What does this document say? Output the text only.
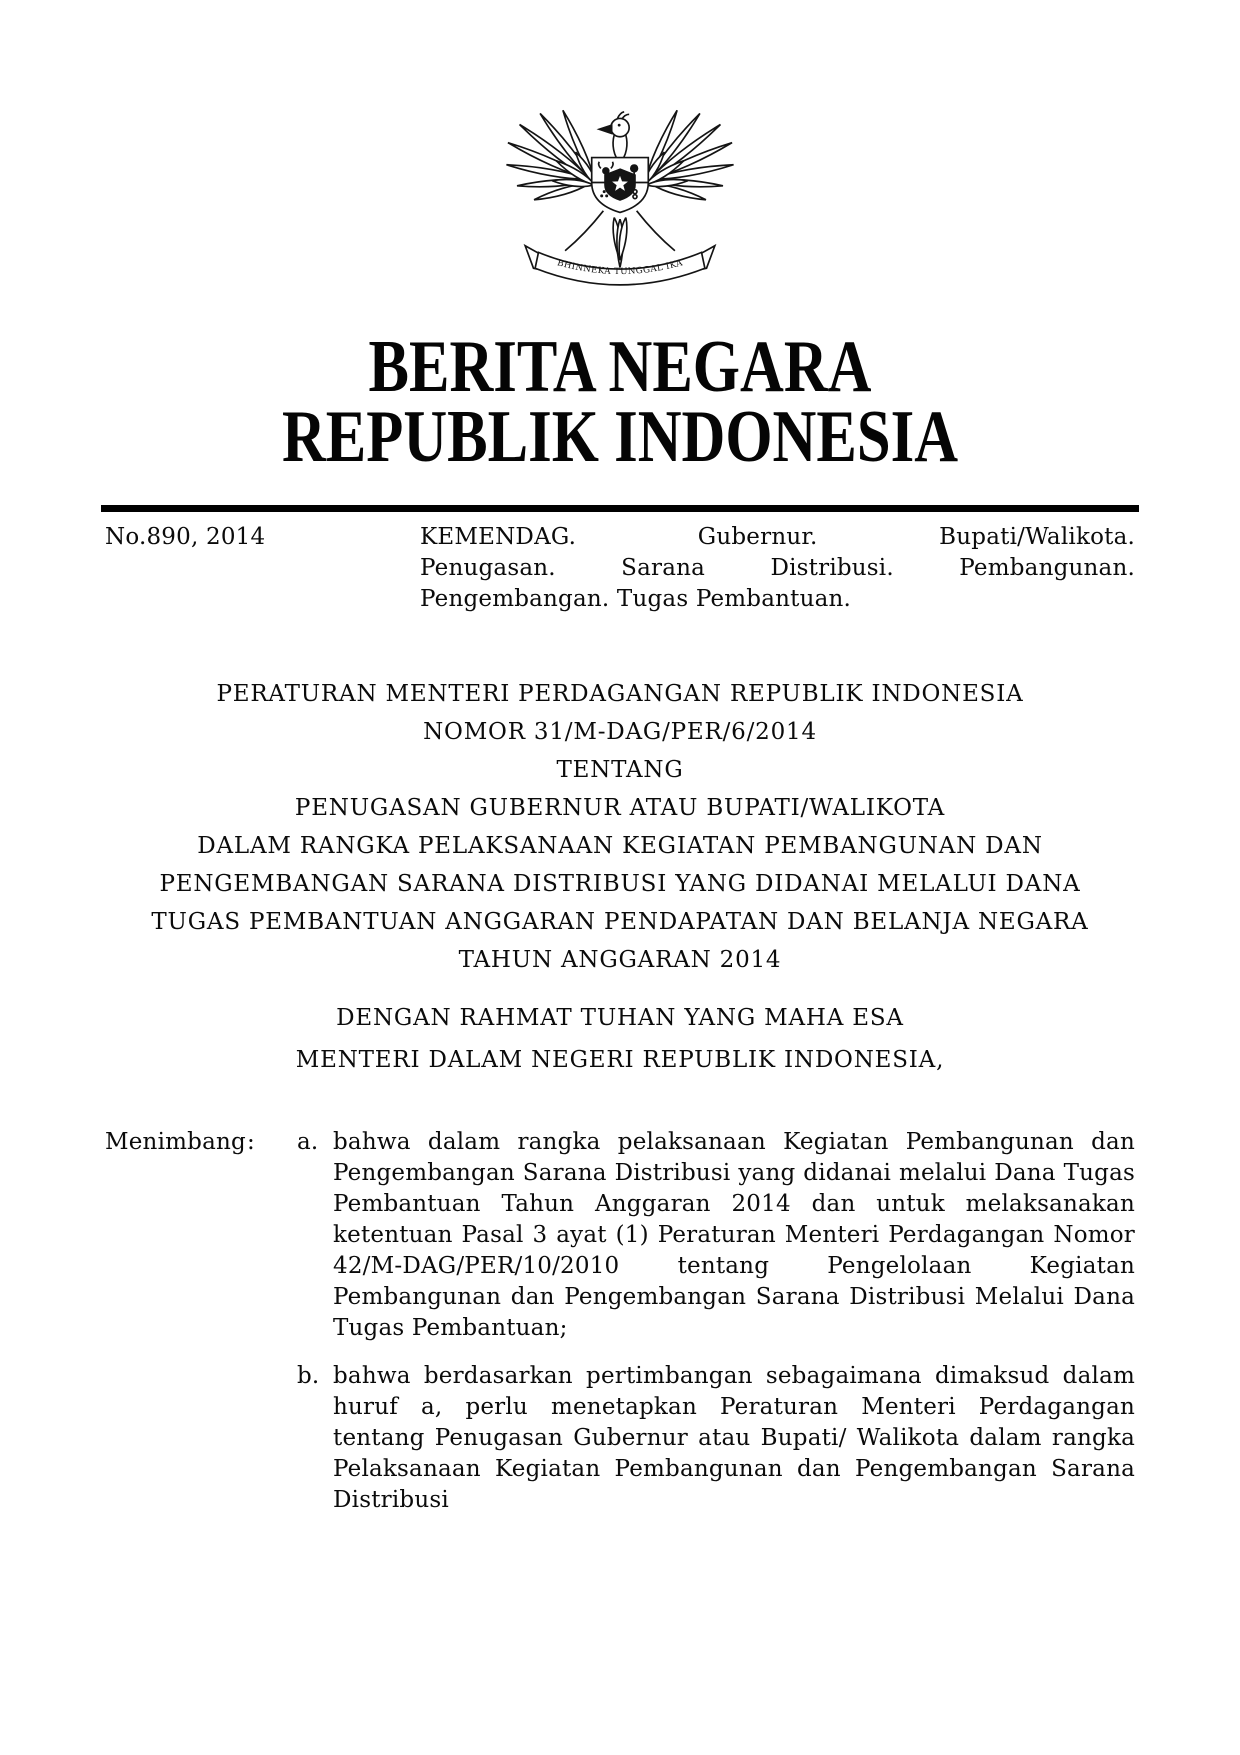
BHINNEKA TUNGGAL IKA
BERITA NEGARA
REPUBLIK INDONESIA
No.890, 2014	KEMENDAG. Gubernur. Bupati/Walikota.
Penugasan. Sarana Distribusi. Pembangunan.
Pengembangan. Tugas Pembantuan.
PERATURAN MENTERI PERDAGANGAN REPUBLIK INDONESIA
NOMOR 31/M-DAG/PER/6/2014
TENTANG
PENUGASAN GUBERNUR ATAU BUPATI/WALIKOTA
DALAM RANGKA PELAKSANAAN KEGIATAN PEMBANGUNAN DAN
PENGEMBANGAN SARANA DISTRIBUSI YANG DIDANAI MELALUI DANA
TUGAS PEMBANTUAN ANGGARAN PENDAPATAN DAN BELANJA NEGARA
TAHUN ANGGARAN 2014
DENGAN RAHMAT TUHAN YANG MAHA ESA
MENTERI DALAM NEGERI REPUBLIK INDONESIA,
Menimbang : a. bahwa dalam rangka pelaksanaan Kegiatan Pembangunan dan Pengembangan Sarana Distribusi yang didanai melalui Dana Tugas Pembantuan Tahun Anggaran 2014 dan untuk melaksanakan ketentuan Pasal 3 ayat (1) Peraturan Menteri Perdagangan Nomor 42/M-DAG/PER/10/2010 tentang Pengelolaan Kegiatan Pembangunan dan Pengembangan Sarana Distribusi Melalui Dana Tugas Pembantuan;
b. bahwa berdasarkan pertimbangan sebagaimana dimaksud dalam huruf a, perlu menetapkan Peraturan Menteri Perdagangan tentang Penugasan Gubernur atau Bupati/ Walikota dalam rangka Pelaksanaan Kegiatan Pembangunan dan Pengembangan Sarana Distribusi
